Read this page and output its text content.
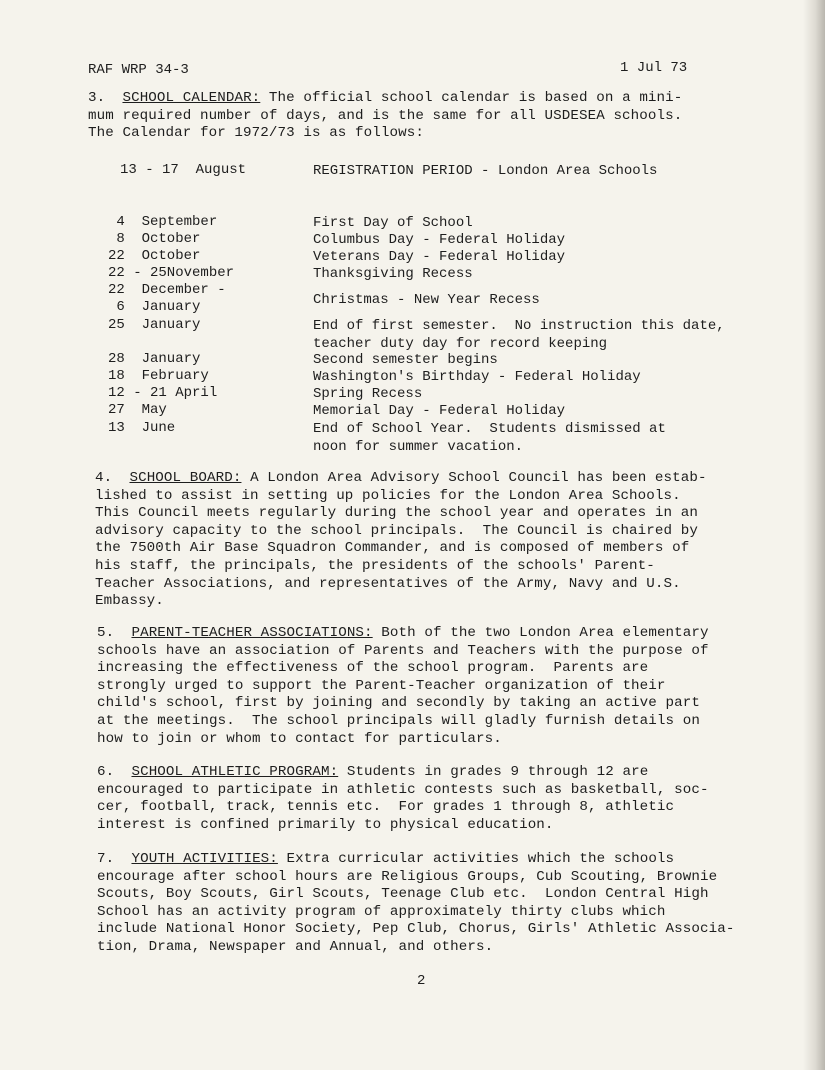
RAF WRP 34-3	1 Jul 73
3. SCHOOL CALENDAR: The official school calendar is based on a mini-
mum required number of days, and is the same for all USDESEA schools.
The Calendar for 1972/73 is as follows:
13 - 17  August	REGISTRATION PERIOD - London Area Schools
4  September	First Day of School
8  October	Columbus Day - Federal Holiday
22  October	Veterans Day - Federal Holiday
22 - 25November	Thanksgiving Recess
22  December -
6  January	Christmas - New Year Recess
25  January	End of first semester.  No instruction this date,
teacher duty day for record keeping
28  January	Second semester begins
18  February	Washington's Birthday - Federal Holiday
12 - 21 April	Spring Recess
27  May	Memorial Day - Federal Holiday
13  June	End of School Year.  Students dismissed at
noon for summer vacation.
4. SCHOOL BOARD: A London Area Advisory School Council has been estab-
lished to assist in setting up policies for the London Area Schools.
This Council meets regularly during the school year and operates in an
advisory capacity to the school principals.  The Council is chaired by
the 7500th Air Base Squadron Commander, and is composed of members of
his staff, the principals, the presidents of the schools' Parent-
Teacher Associations, and representatives of the Army, Navy and U.S.
Embassy.
5. PARENT-TEACHER ASSOCIATIONS: Both of the two London Area elementary
schools have an association of Parents and Teachers with the purpose of
increasing the effectiveness of the school program.  Parents are
strongly urged to support the Parent-Teacher organization of their
child's school, first by joining and secondly by taking an active part
at the meetings.  The school principals will gladly furnish details on
how to join or whom to contact for particulars.
6. SCHOOL ATHLETIC PROGRAM: Students in grades 9 through 12 are
encouraged to participate in athletic contests such as basketball, soc-
cer, football, track, tennis etc.  For grades 1 through 8, athletic
interest is confined primarily to physical education.
7. YOUTH ACTIVITIES: Extra curricular activities which the schools
encourage after school hours are Religious Groups, Cub Scouting, Brownie
Scouts, Boy Scouts, Girl Scouts, Teenage Club etc.  London Central High
School has an activity program of approximately thirty clubs which
include National Honor Society, Pep Club, Chorus, Girls' Athletic Associa-
tion, Drama, Newspaper and Annual, and others.
2
